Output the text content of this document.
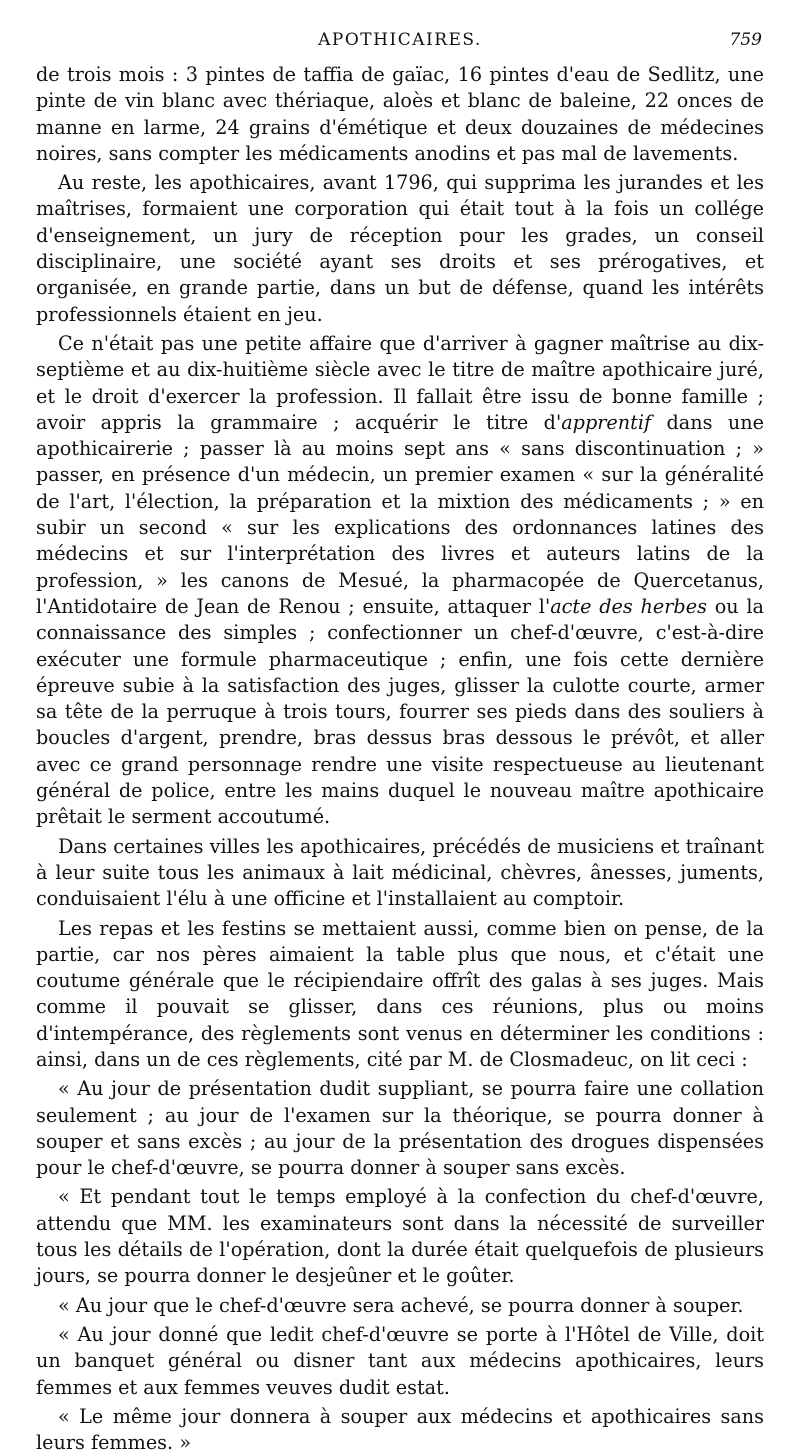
APOTHICAIRES.	759

de trois mois : 3 pintes de taffia de gaïac, 16 pintes d'eau de Sedlitz, une pinte de vin blanc avec thériaque, aloès et blanc de baleine, 22 onces de manne en larme, 24 grains d'émétique et deux douzaines de médecines noires, sans compter les médicaments anodins et pas mal de lavements.

Au reste, les apothicaires, avant 1796, qui supprima les jurandes et les maîtrises, formaient une corporation qui était tout à la fois un collége d'enseignement, un jury de réception pour les grades, un conseil disciplinaire, une société ayant ses droits et ses prérogatives, et organisée, en grande partie, dans un but de défense, quand les intérêts professionnels étaient en jeu.

Ce n'était pas une petite affaire que d'arriver à gagner maîtrise au dix-septième et au dix-huitième siècle avec le titre de maître apothicaire juré, et le droit d'exercer la profession. Il fallait être issu de bonne famille ; avoir appris la grammaire ; acquérir le titre d'apprentif dans une apothicairerie ; passer là au moins sept ans « sans discontinuation ; » passer, en présence d'un médecin, un premier examen « sur la généralité de l'art, l'élection, la préparation et la mixtion des médicaments ; » en subir un second « sur les explications des ordonnances latines des médecins et sur l'interprétation des livres et auteurs latins de la profession, » les canons de Mesué, la pharmacopée de Quercetanus, l'Antidotaire de Jean de Renou ; ensuite, attaquer l'acte des herbes ou la connaissance des simples ; confectionner un chef-d'œuvre, c'est-à-dire exécuter une formule pharmaceutique ; enfin, une fois cette dernière épreuve subie à la satisfaction des juges, glisser la culotte courte, armer sa tête de la perruque à trois tours, fourrer ses pieds dans des souliers à boucles d'argent, prendre, bras dessus bras dessous le prévôt, et aller avec ce grand personnage rendre une visite respectueuse au lieutenant général de police, entre les mains duquel le nouveau maître apothicaire prêtait le serment accoutumé.

Dans certaines villes les apothicaires, précédés de musiciens et traînant à leur suite tous les animaux à lait médicinal, chèvres, ânesses, juments, conduisaient l'élu à une officine et l'installaient au comptoir.

Les repas et les festins se mettaient aussi, comme bien on pense, de la partie, car nos pères aimaient la table plus que nous, et c'était une coutume générale que le récipiendaire offrît des galas à ses juges. Mais comme il pouvait se glisser, dans ces réunions, plus ou moins d'intempérance, des règlements sont venus en déterminer les conditions : ainsi, dans un de ces règlements, cité par M. de Closmadeuc, on lit ceci :

« Au jour de présentation dudit suppliant, se pourra faire une collation seulement ; au jour de l'examen sur la théorique, se pourra donner à souper et sans excès ; au jour de la présentation des drogues dispensées pour le chef-d'œuvre, se pourra donner à souper sans excès.

« Et pendant tout le temps employé à la confection du chef-d'œuvre, attendu que MM. les examinateurs sont dans la nécessité de surveiller tous les détails de l'opération, dont la durée était quelquefois de plusieurs jours, se pourra donner le desjeûner et le goûter.

« Au jour que le chef-d'œuvre sera achevé, se pourra donner à souper.

« Au jour donné que ledit chef-d'œuvre se porte à l'Hôtel de Ville, doit un banquet général ou disner tant aux médecins apothicaires, leurs femmes et aux femmes veuves dudit estat.

« Le même jour donnera à souper aux médecins et apothicaires sans leurs femmes. »
